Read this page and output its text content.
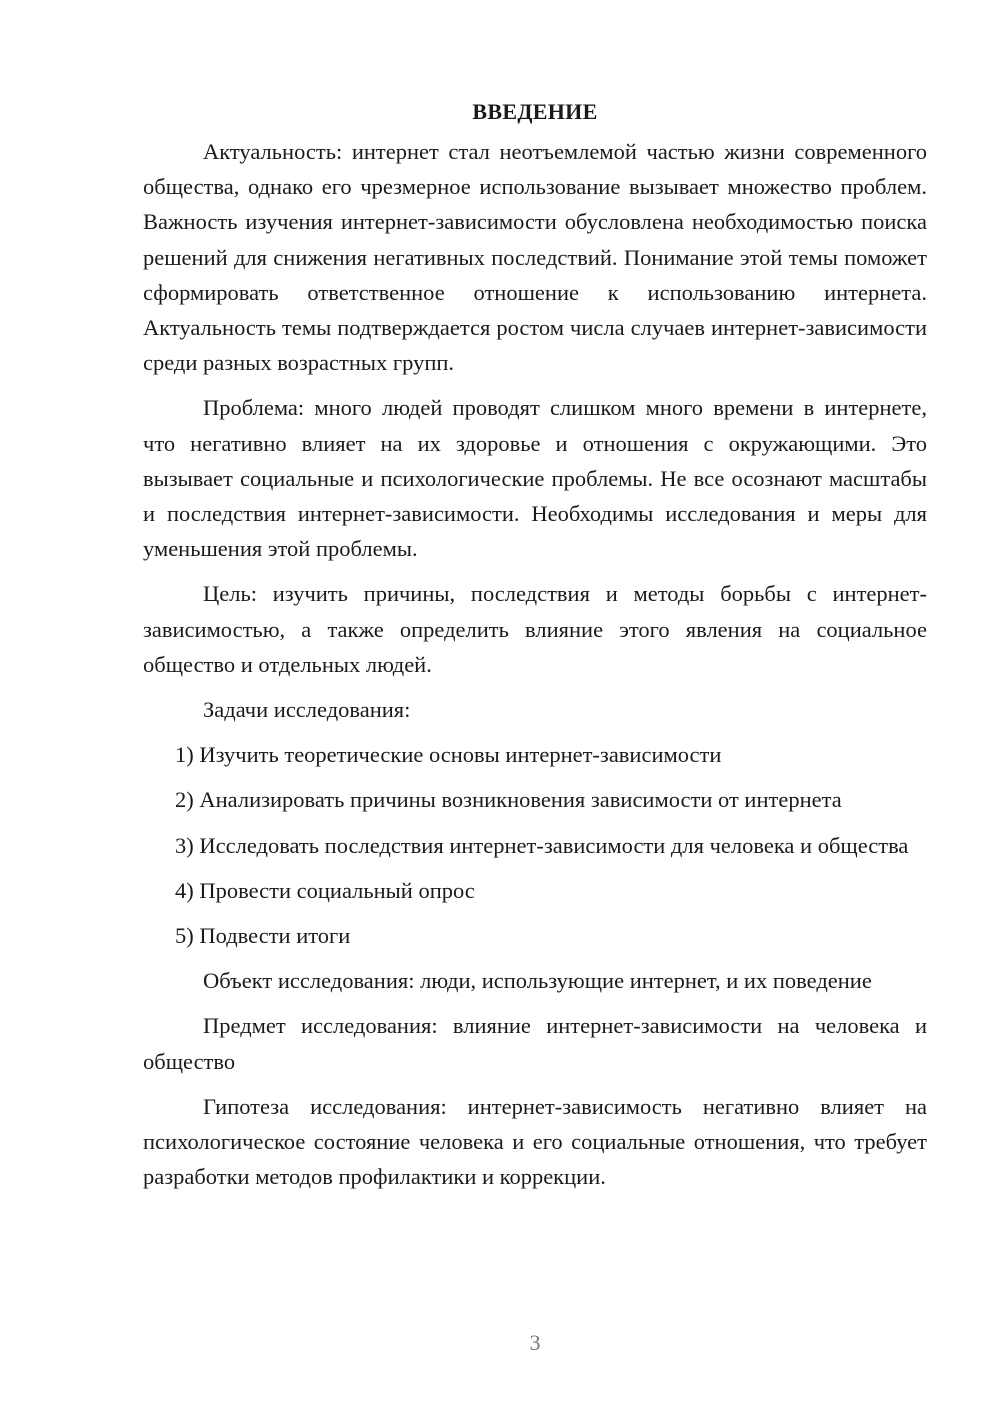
ВВЕДЕНИЕ

Актуальность: интернет стал неотъемлемой частью жизни современного общества, однако его чрезмерное использование вызывает множество проблем. Важность изучения интернет-зависимости обусловлена необходимостью поиска решений для снижения негативных последствий. Понимание этой темы поможет сформировать ответственное отношение к использованию интернета. Актуальность темы подтверждается ростом числа случаев интернет-зависимости среди разных возрастных групп.

Проблема: много людей проводят слишком много времени в интернете, что негативно влияет на их здоровье и отношения с окружающими. Это вызывает социальные и психологические проблемы. Не все осознают масштабы и последствия интернет-зависимости. Необходимы исследования и меры для уменьшения этой проблемы.

Цель: изучить причины, последствия и методы борьбы с интернет-зависимостью, а также определить влияние этого явления на социальное общество и отдельных людей.

Задачи исследования:

1) Изучить теоретические основы интернет-зависимости

2) Анализировать причины возникновения зависимости от интернета

3) Исследовать последствия интернет-зависимости для человека и общества

4) Провести социальный опрос

5) Подвести итоги

Объект исследования: люди, использующие интернет, и их поведение

Предмет исследования: влияние интернет-зависимости на человека и общество

Гипотеза исследования: интернет-зависимость негативно влияет на психологическое состояние человека и его социальные отношения, что требует разработки методов профилактики и коррекции.

3
